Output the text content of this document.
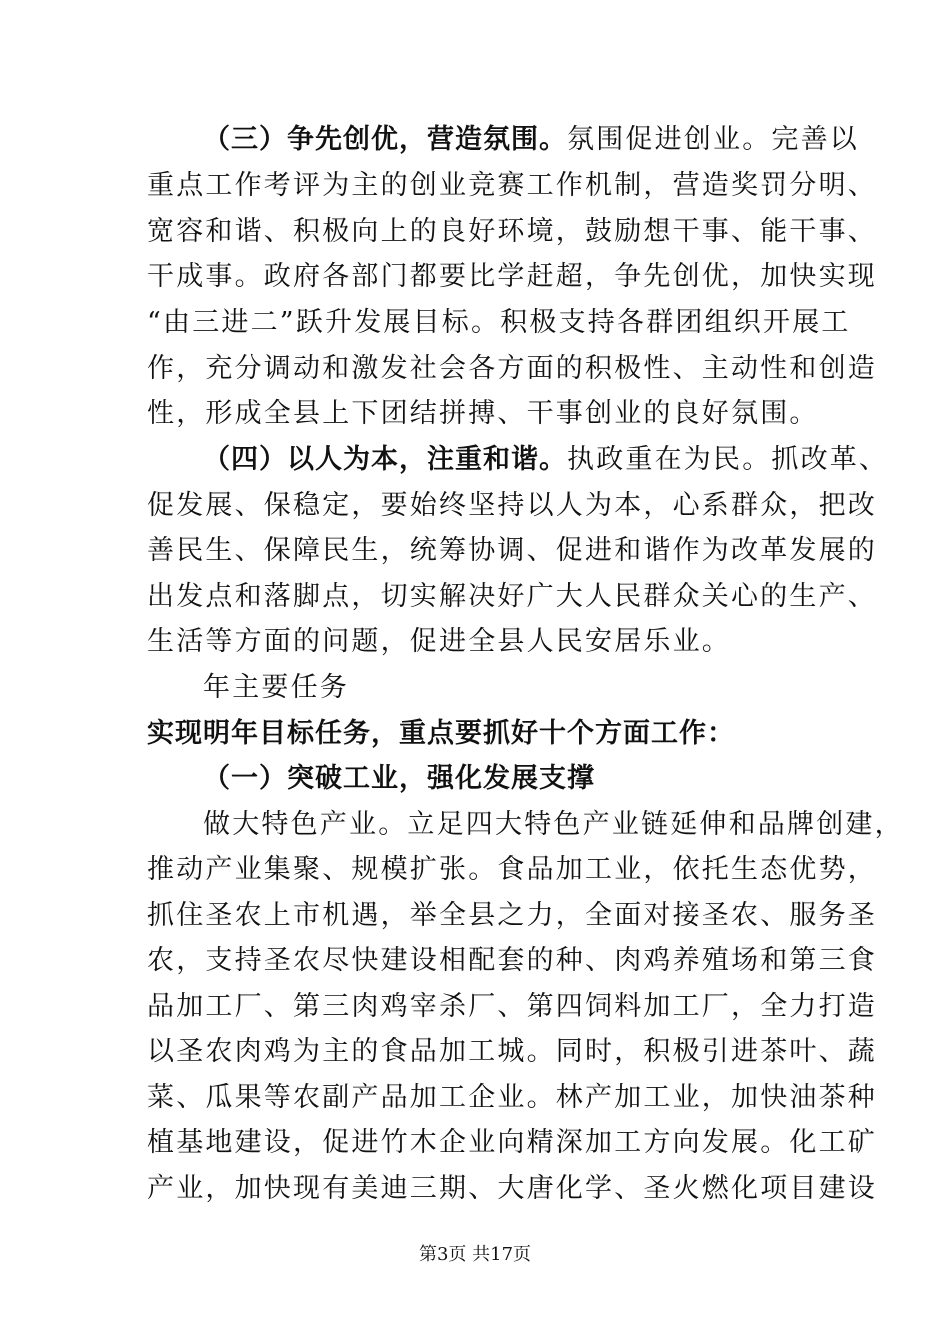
（三）争先创优，营造氛围。氛围促进创业。完善以
重点工作考评为主的创业竞赛工作机制，营造奖罚分明、
宽容和谐、积极向上的良好环境，鼓励想干事、能干事、
干成事。政府各部门都要比学赶超，争先创优，加快实现
“由三进二”跃升发展目标。积极支持各群团组织开展工
作，充分调动和激发社会各方面的积极性、主动性和创造
性，形成全县上下团结拼搏、干事创业的良好氛围。
（四）以人为本，注重和谐。执政重在为民。抓改革、
促发展、保稳定，要始终坚持以人为本，心系群众，把改
善民生、保障民生，统筹协调、促进和谐作为改革发展的
出发点和落脚点，切实解决好广大人民群众关心的生产、
生活等方面的问题，促进全县人民安居乐业。
年主要任务
实现明年目标任务，重点要抓好十个方面工作：
（一）突破工业，强化发展支撑
做大特色产业。立足四大特色产业链延伸和品牌创建，
推动产业集聚、规模扩张。食品加工业，依托生态优势，
抓住圣农上市机遇，举全县之力，全面对接圣农、服务圣
农，支持圣农尽快建设相配套的种、肉鸡养殖场和第三食
品加工厂、第三肉鸡宰杀厂、第四饲料加工厂，全力打造
以圣农肉鸡为主的食品加工城。同时，积极引进茶叶、蔬
菜、瓜果等农副产品加工企业。林产加工业，加快油茶种
植基地建设，促进竹木企业向精深加工方向发展。化工矿
产业，加快现有美迪三期、大唐化学、圣火燃化项目建设
第3页 共17页
